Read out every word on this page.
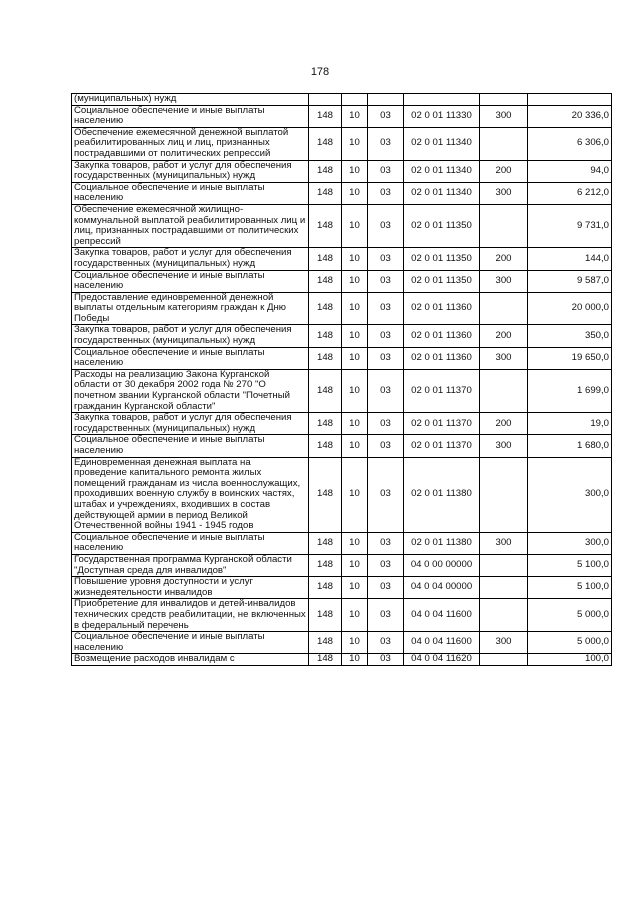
178
(муниципальных) нужд						
Социальное обеспечение и иные выплаты населению	148	10	03	02 0 01 11330	300	20 336,0
Обеспечение ежемесячной денежной выплатой реабилитированных лиц и лиц, признанных пострадавшими от политических репрессий	148	10	03	02 0 01 11340		6 306,0
Закупка товаров, работ и услуг для обеспечения государственных (муниципальных) нужд	148	10	03	02 0 01 11340	200	94,0
Социальное обеспечение и иные выплаты населению	148	10	03	02 0 01 11340	300	6 212,0
Обеспечение ежемесячной жилищно-коммунальной выплатой реабилитированных лиц и лиц, признанных пострадавшими от политических репрессий	148	10	03	02 0 01 11350		9 731,0
Закупка товаров, работ и услуг для обеспечения государственных (муниципальных) нужд	148	10	03	02 0 01 11350	200	144,0
Социальное обеспечение и иные выплаты населению	148	10	03	02 0 01 11350	300	9 587,0
Предоставление единовременной денежной выплаты отдельным категориям граждан к Дню Победы	148	10	03	02 0 01 11360		20 000,0
Закупка товаров, работ и услуг для обеспечения государственных (муниципальных) нужд	148	10	03	02 0 01 11360	200	350,0
Социальное обеспечение и иные выплаты населению	148	10	03	02 0 01 11360	300	19 650,0
Расходы на реализацию Закона Курганской области от 30 декабря 2002 года № 270 "О почетном звании Курганской области "Почетный гражданин Курганской области"	148	10	03	02 0 01 11370		1 699,0
Закупка товаров, работ и услуг для обеспечения государственных (муниципальных) нужд	148	10	03	02 0 01 11370	200	19,0
Социальное обеспечение и иные выплаты населению	148	10	03	02 0 01 11370	300	1 680,0
Единовременная денежная выплата на проведение капитального ремонта жилых помещений гражданам из числа военнослужащих, проходивших военную службу в воинских частях, штабах и учреждениях, входивших в состав действующей армии в период Великой Отечественной войны 1941 - 1945 годов	148	10	03	02 0 01 11380		300,0
Социальное обеспечение и иные выплаты населению	148	10	03	02 0 01 11380	300	300,0
Государственная программа Курганской области "Доступная среда для инвалидов"	148	10	03	04 0 00 00000		5 100,0
Повышение уровня доступности и услуг жизнедеятельности инвалидов	148	10	03	04 0 04 00000		5 100,0
Приобретение для инвалидов и детей-инвалидов технических средств реабилитации, не включенных в федеральный перечень	148	10	03	04 0 04 11600		5 000,0
Социальное обеспечение и иные выплаты населению	148	10	03	04 0 04 11600	300	5 000,0
Возмещение расходов инвалидам с	148	10	03	04 0 04 11620		100,0
